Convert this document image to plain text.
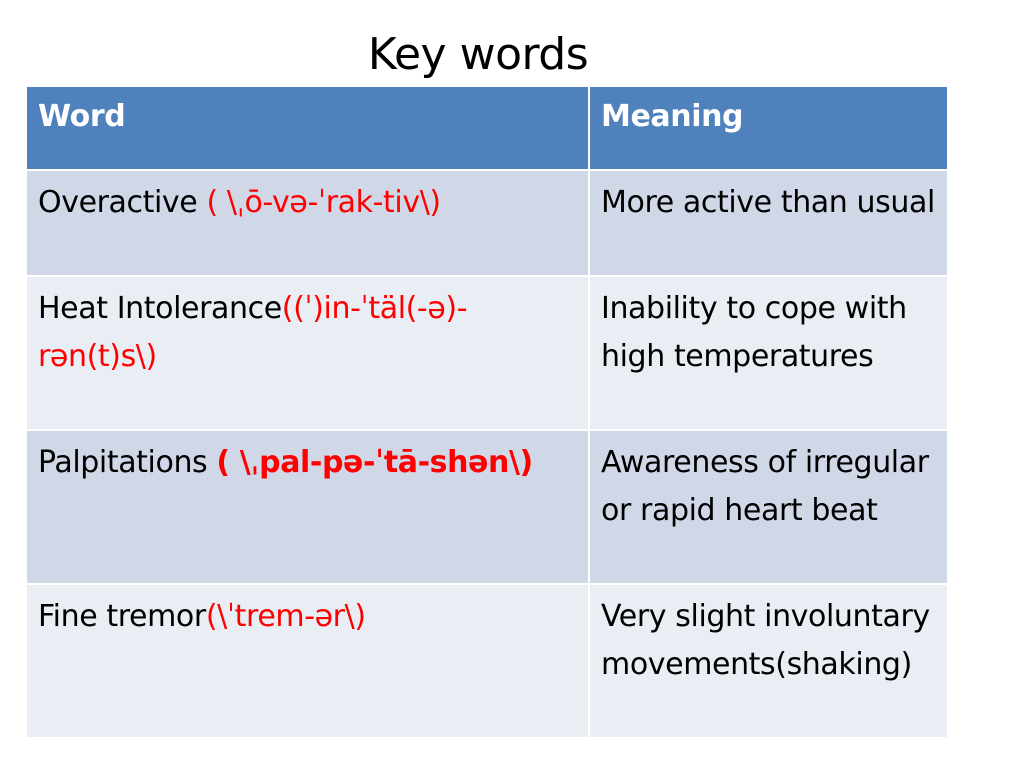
Key words
Word	Meaning
Overactive ( \ˌō-və-ˈrak-tiv\)	More active than usual
Heat Intolerance((ˈ)in-ˈtäl(-ə)-rən(t)s\)	Inability to cope with high temperatures
Palpitations ( \ˌpal-pə-ˈtā-shən\)	Awareness of irregular or rapid heart beat
Fine tremor(\ˈtrem-ər\)	Very slight involuntary movements(shaking)
